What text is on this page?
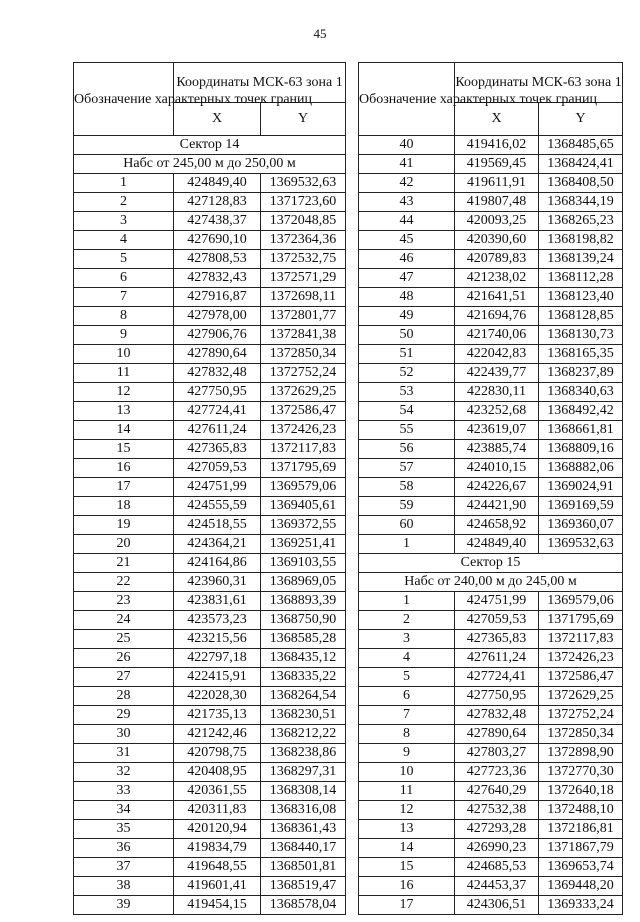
45
Обозначение характерных точек границ	Координаты МСК-63 зона 1	
	X	Y
Сектор 14		
Нaбс от 245,00 м до 250,00 м		
1	424849,40	1369532,63
2	427128,83	1371723,60
3	427438,37	1372048,85
4	427690,10	1372364,36
5	427808,53	1372532,75
6	427832,43	1372571,29
7	427916,87	1372698,11
8	427978,00	1372801,77
9	427906,76	1372841,38
10	427890,64	1372850,34
11	427832,48	1372752,24
12	427750,95	1372629,25
13	427724,41	1372586,47
14	427611,24	1372426,23
15	427365,83	1372117,83
16	427059,53	1371795,69
17	424751,99	1369579,06
18	424555,59	1369405,61
19	424518,55	1369372,55
20	424364,21	1369251,41
21	424164,86	1369103,55
22	423960,31	1368969,05
23	423831,61	1368893,39
24	423573,23	1368750,90
25	423215,56	1368585,28
26	422797,18	1368435,12
27	422415,91	1368335,22
28	422028,30	1368264,54
29	421735,13	1368230,51
30	421242,46	1368212,22
31	420798,75	1368238,86
32	420408,95	1368297,31
33	420361,55	1368308,14
34	420311,83	1368316,08
35	420120,94	1368361,43
36	419834,79	1368440,17
37	419648,55	1368501,81
38	419601,41	1368519,47
39	419454,15	1368578,04
Обозначение характерных точек границ	Координаты МСК-63 зона 1	
	X	Y
40	419416,02	1368485,65
41	419569,45	1368424,41
42	419611,91	1368408,50
43	419807,48	1368344,19
44	420093,25	1368265,23
45	420390,60	1368198,82
46	420789,83	1368139,24
47	421238,02	1368112,28
48	421641,51	1368123,40
49	421694,76	1368128,85
50	421740,06	1368130,73
51	422042,83	1368165,35
52	422439,77	1368237,89
53	422830,11	1368340,63
54	423252,68	1368492,42
55	423619,07	1368661,81
56	423885,74	1368809,16
57	424010,15	1368882,06
58	424226,67	1369024,91
59	424421,90	1369169,59
60	424658,92	1369360,07
1	424849,40	1369532,63
Сектор 15		
Нaбс от 240,00 м до 245,00 м		
1	424751,99	1369579,06
2	427059,53	1371795,69
3	427365,83	1372117,83
4	427611,24	1372426,23
5	427724,41	1372586,47
6	427750,95	1372629,25
7	427832,48	1372752,24
8	427890,64	1372850,34
9	427803,27	1372898,90
10	427723,36	1372770,30
11	427640,29	1372640,18
12	427532,38	1372488,10
13	427293,28	1372186,81
14	426990,23	1371867,79
15	424685,53	1369653,74
16	424453,37	1369448,20
17	424306,51	1369333,24
